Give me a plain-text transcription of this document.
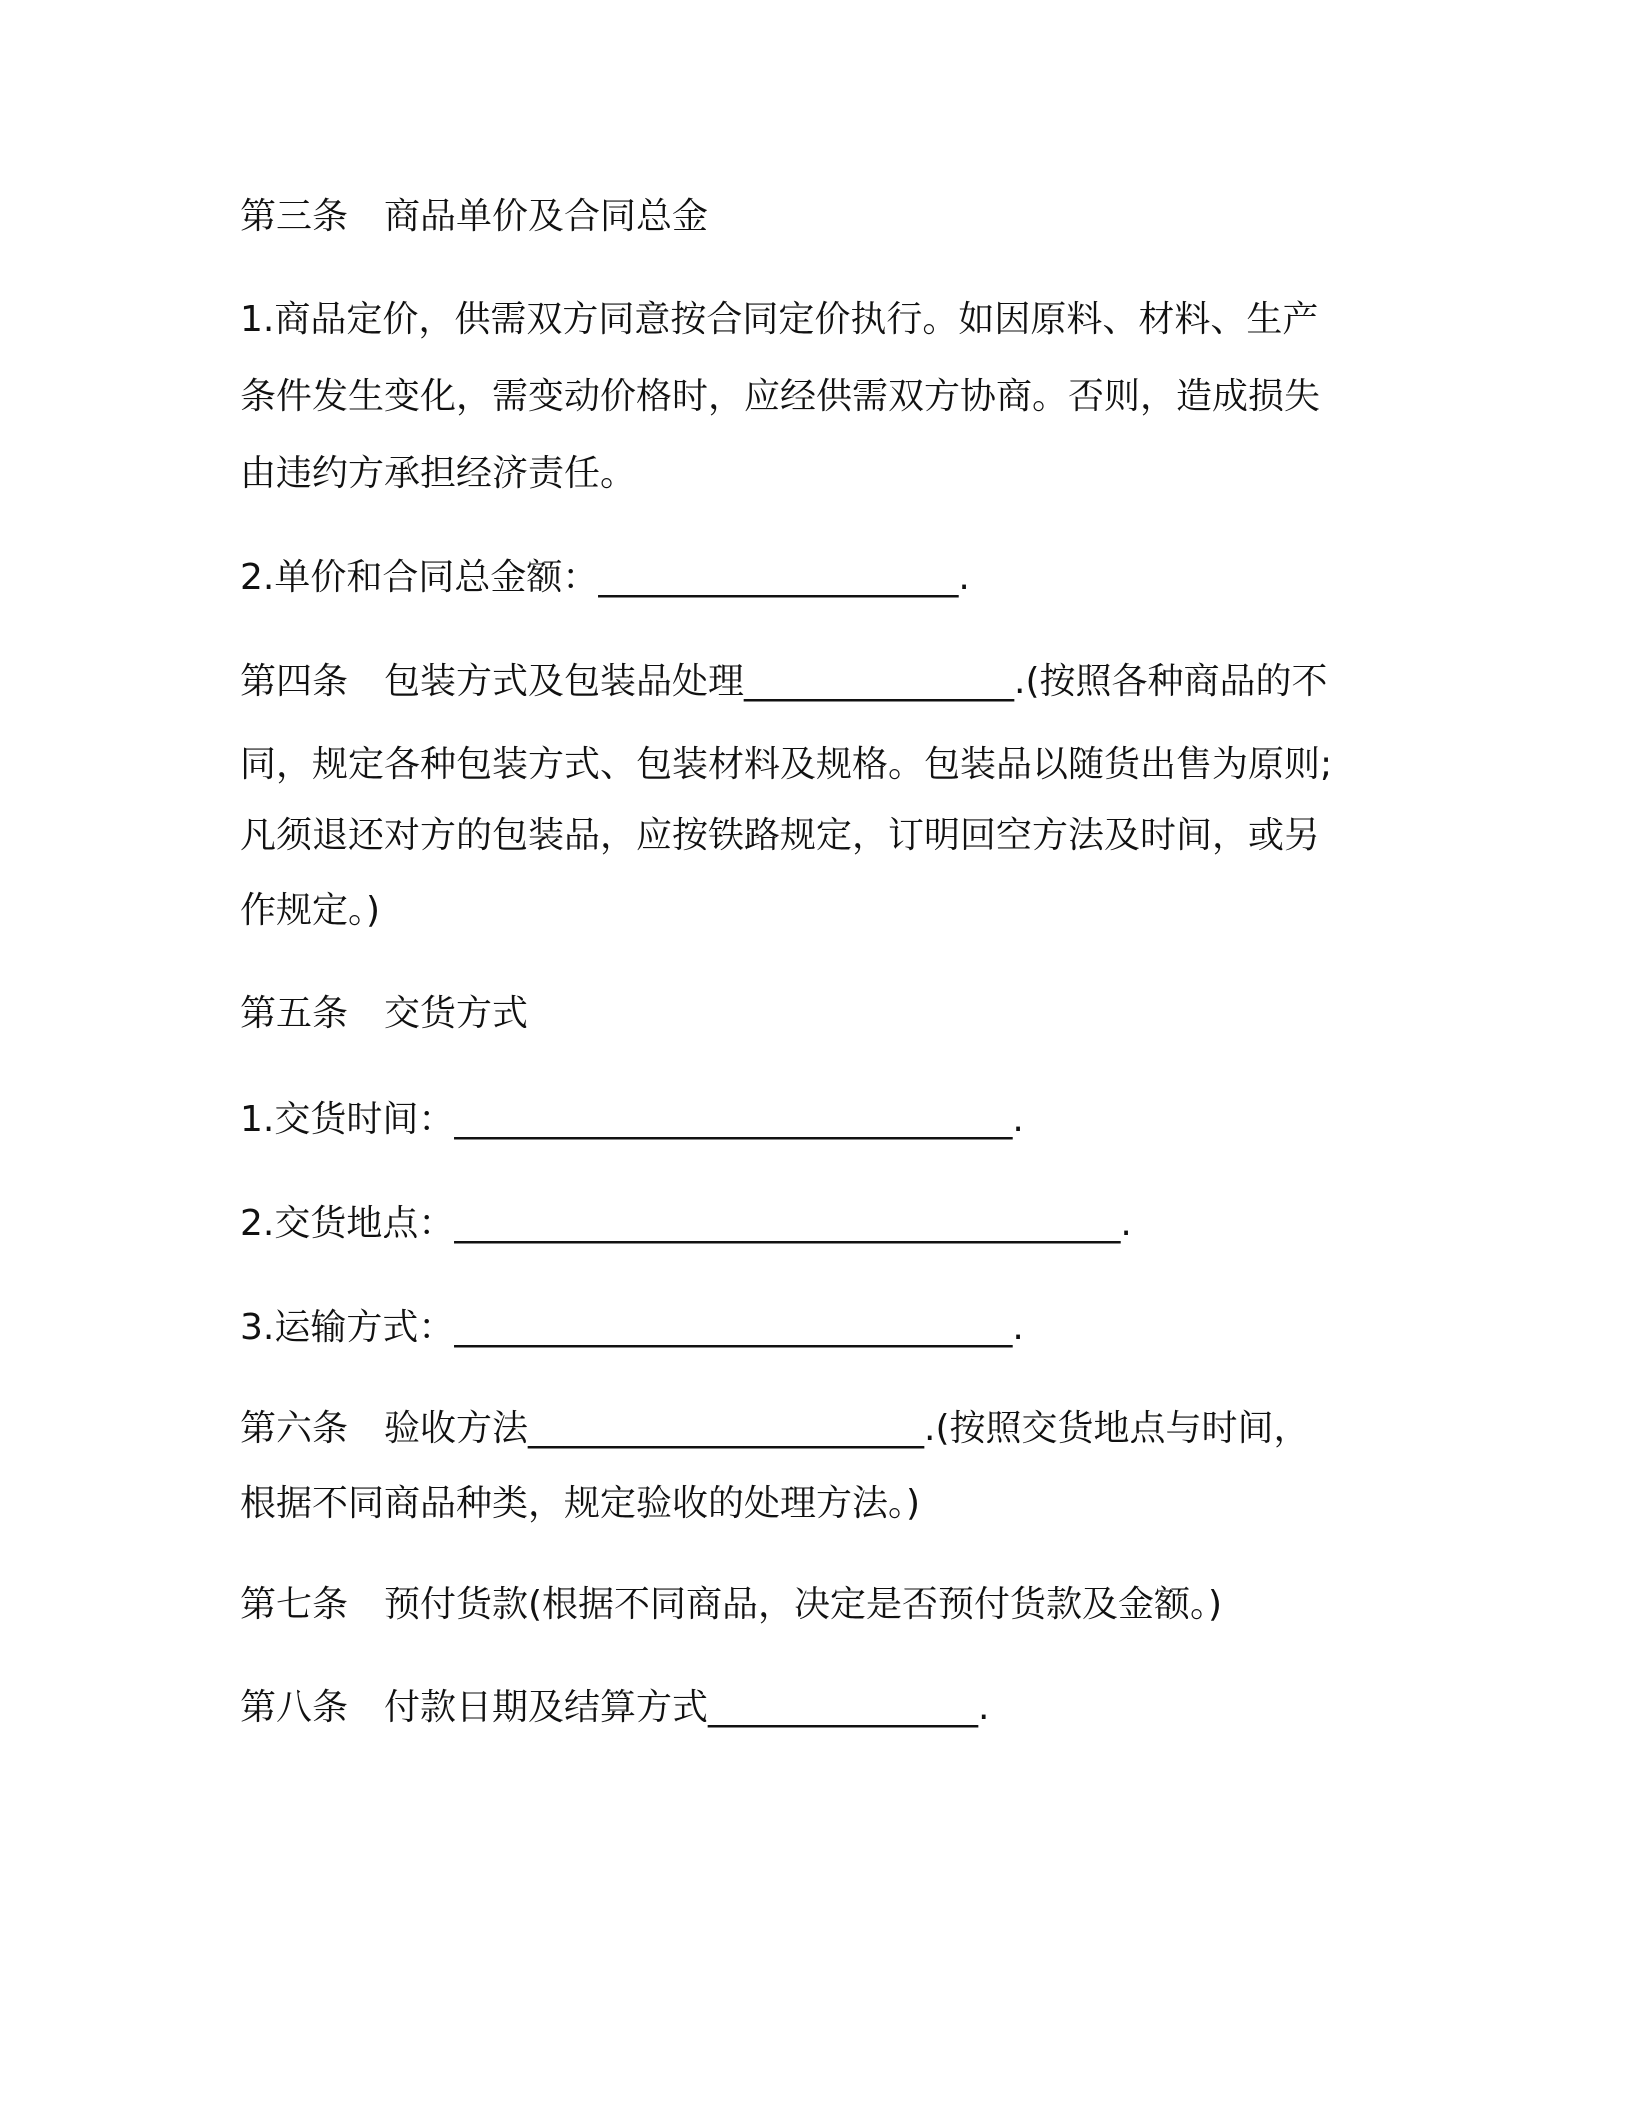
第三条　商品单价及合同总金
1.商品定价，供需双方同意按合同定价执行。如因原料、材料、生产
条件发生变化，需变动价格时，应经供需双方协商。否则，造成损失
由违约方承担经济责任。
2.单价和合同总金额：____________________.
第四条　包装方式及包装品处理_______________.(按照各种商品的不
同，规定各种包装方式、包装材料及规格。包装品以随货出售为原则;
凡须退还对方的包装品，应按铁路规定，订明回空方法及时间，或另
作规定。)
第五条　交货方式
1.交货时间：_______________________________.
2.交货地点：_____________________________________.
3.运输方式：_______________________________.
第六条　验收方法______________________.(按照交货地点与时间，
根据不同商品种类，规定验收的处理方法。)
第七条　预付货款(根据不同商品，决定是否预付货款及金额。)
第八条　付款日期及结算方式_______________.
